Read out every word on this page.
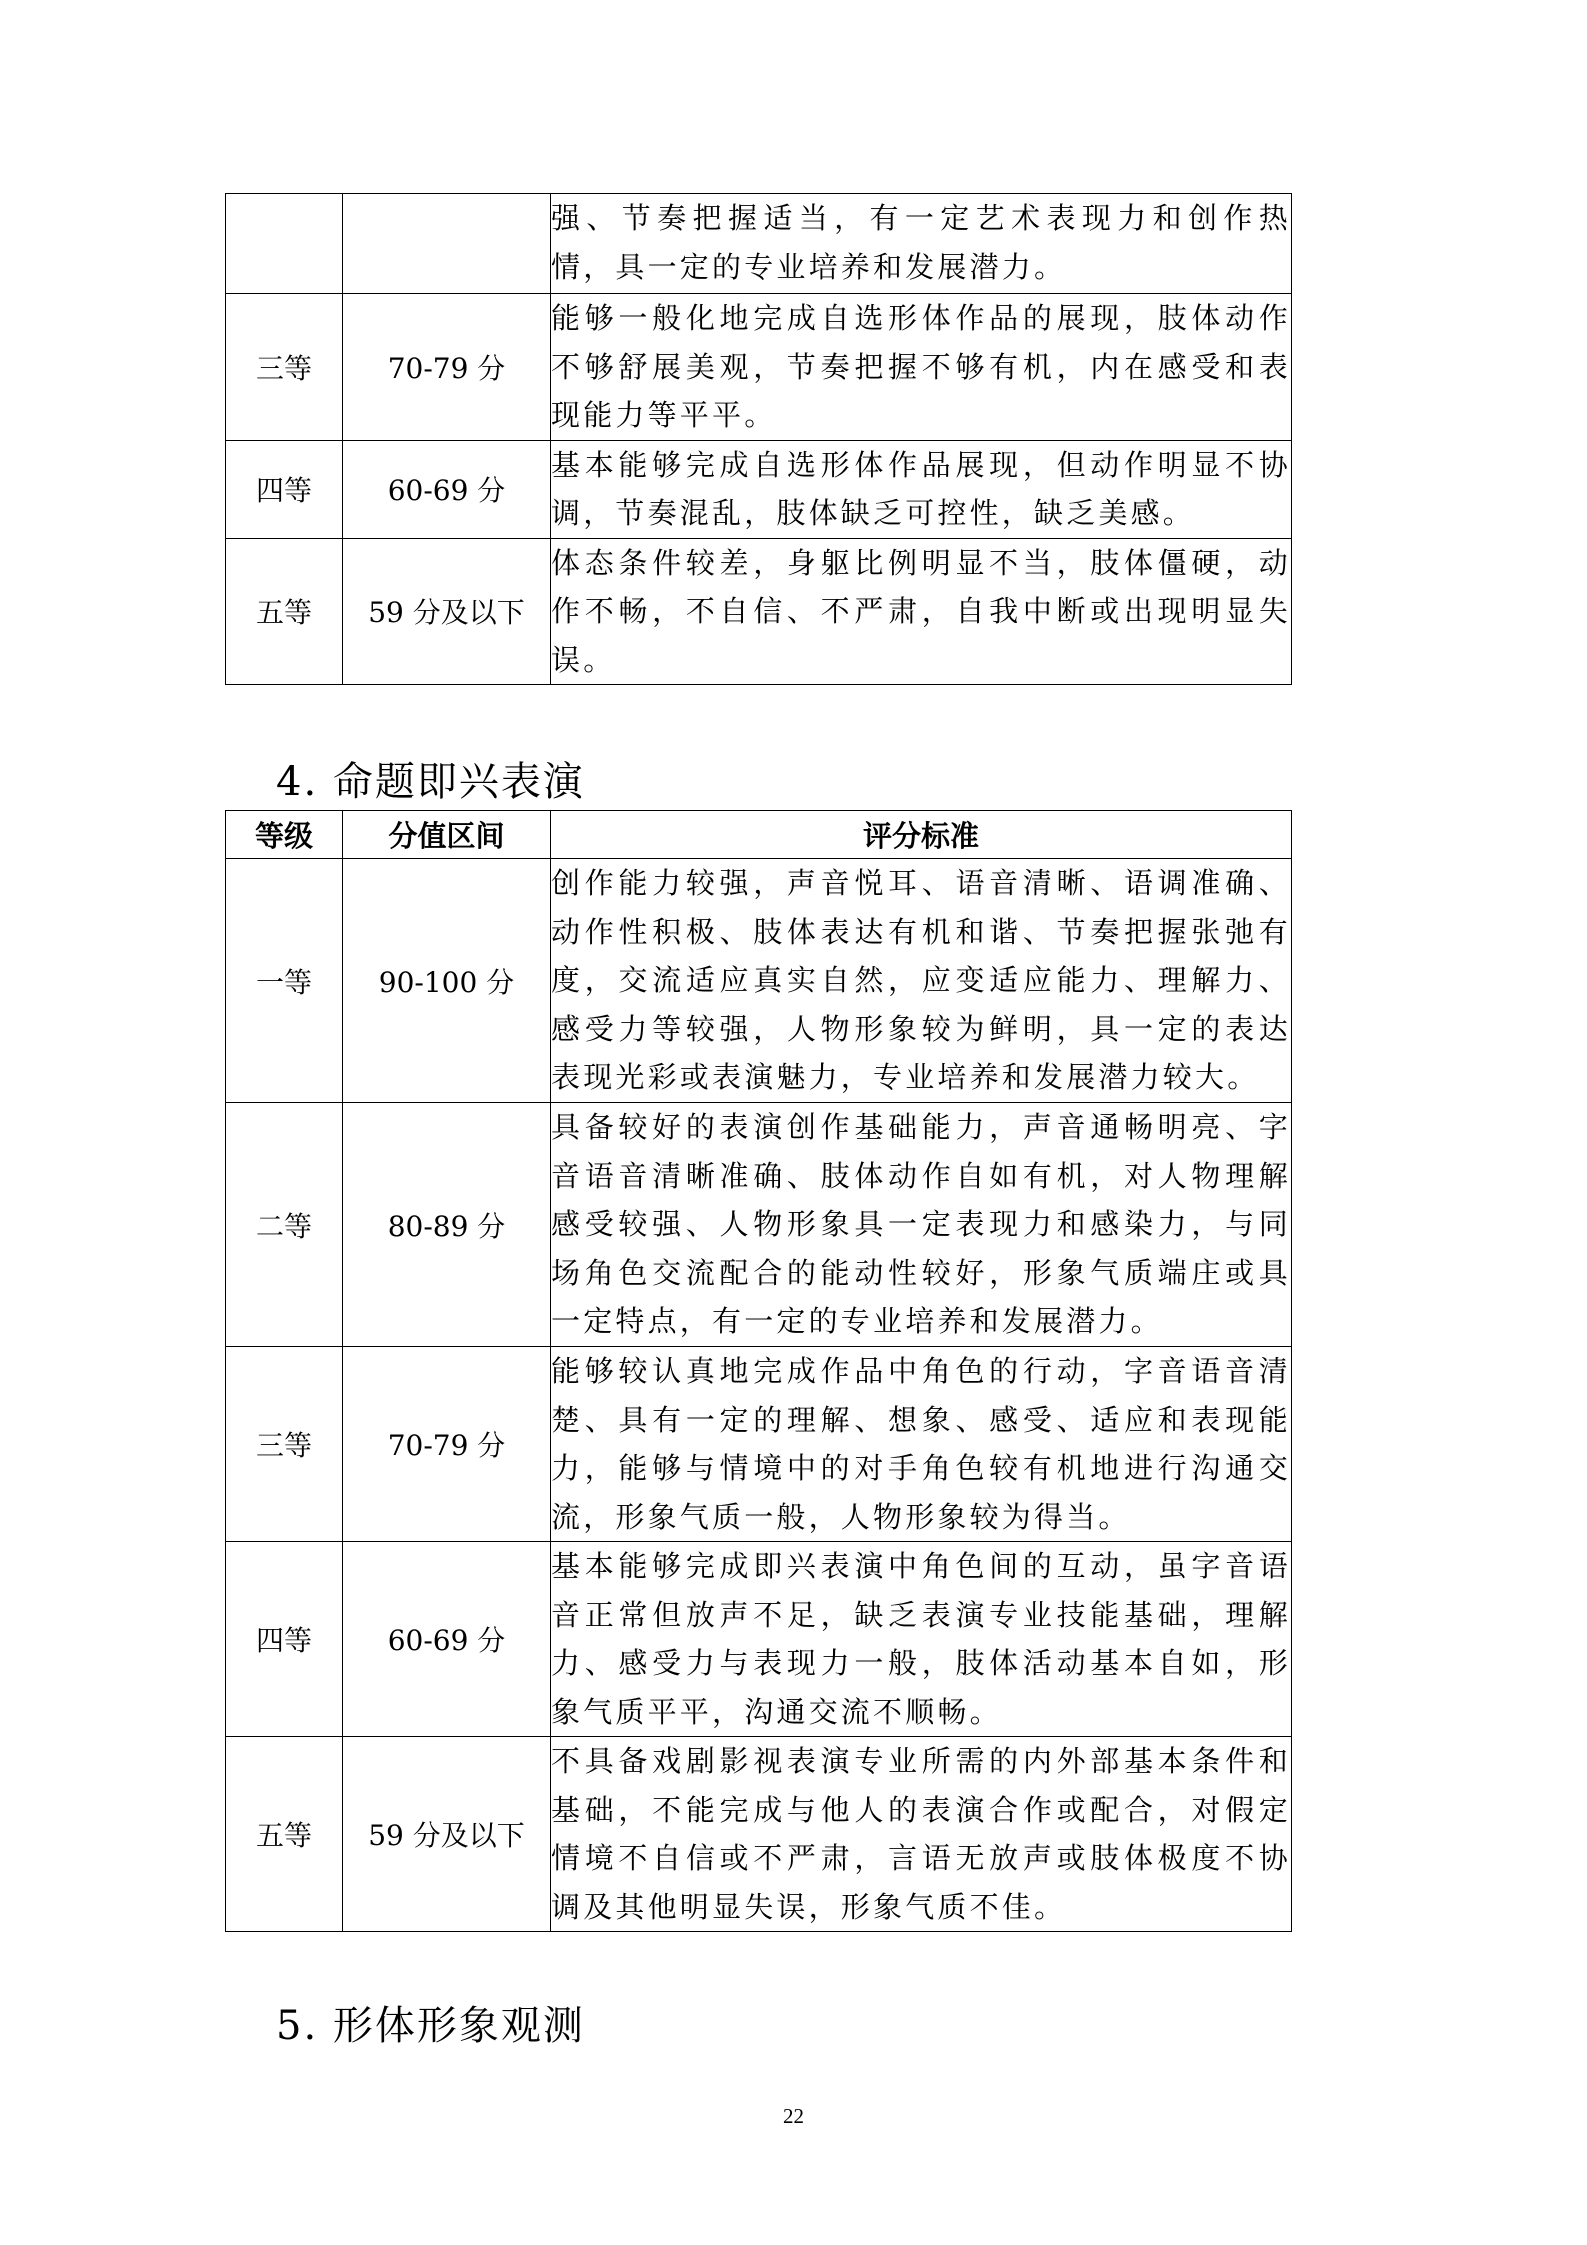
		强、节奏把握适当，有一定艺术表现力和创作热情，具一定的专业培养和发展潜力。
三等	70-79 分	能够一般化地完成自选形体作品的展现，肢体动作不够舒展美观，节奏把握不够有机，内在感受和表现能力等平平。
四等	60-69 分	基本能够完成自选形体作品展现，但动作明显不协调，节奏混乱，肢体缺乏可控性，缺乏美感。
五等	59 分及以下	体态条件较差，身躯比例明显不当，肢体僵硬，动作不畅，不自信、不严肃，自我中断或出现明显失误。
4. 命题即兴表演
等级	分值区间	评分标准
一等	90-100 分	创作能力较强，声音悦耳、语音清晰、语调准确、动作性积极、肢体表达有机和谐、节奏把握张弛有度，交流适应真实自然，应变适应能力、理解力、感受力等较强，人物形象较为鲜明，具一定的表达表现光彩或表演魅力，专业培养和发展潜力较大。
二等	80-89 分	具备较好的表演创作基础能力，声音通畅明亮、字音语音清晰准确、肢体动作自如有机，对人物理解感受较强、人物形象具一定表现力和感染力，与同场角色交流配合的能动性较好，形象气质端庄或具一定特点，有一定的专业培养和发展潜力。
三等	70-79 分	能够较认真地完成作品中角色的行动，字音语音清楚、具有一定的理解、想象、感受、适应和表现能力，能够与情境中的对手角色较有机地进行沟通交流，形象气质一般，人物形象较为得当。
四等	60-69 分	基本能够完成即兴表演中角色间的互动，虽字音语音正常但放声不足，缺乏表演专业技能基础，理解力、感受力与表现力一般，肢体活动基本自如，形象气质平平，沟通交流不顺畅。
五等	59 分及以下	不具备戏剧影视表演专业所需的内外部基本条件和基础，不能完成与他人的表演合作或配合，对假定情境不自信或不严肃，言语无放声或肢体极度不协调及其他明显失误，形象气质不佳。
5. 形体形象观测
22
